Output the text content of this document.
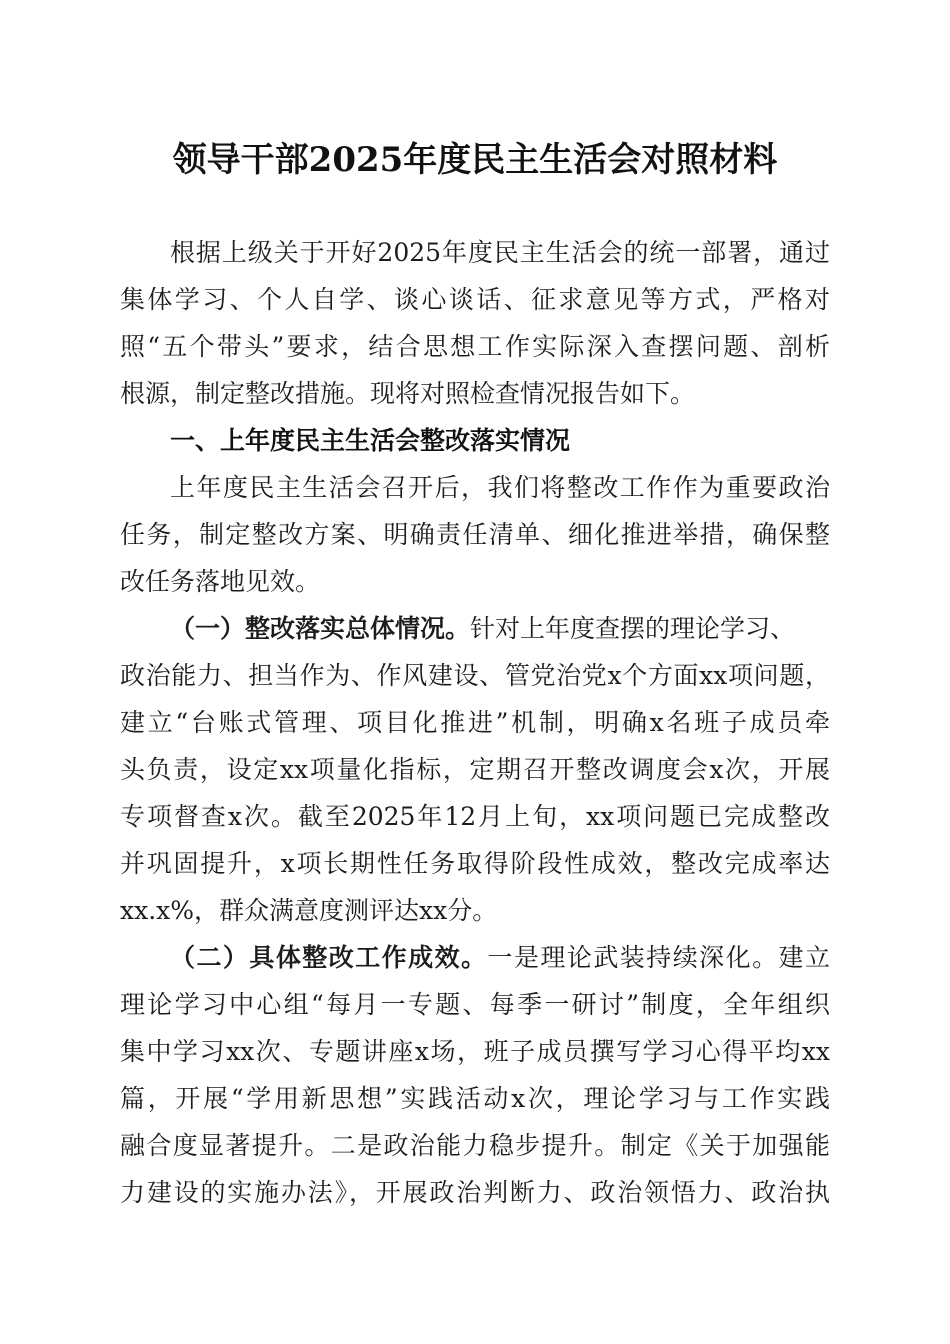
领导干部2025年度民主生活会对照材料
根据上级关于开好2025年度民主生活会的统一部署，通过
集体学习、个人自学、谈心谈话、征求意见等方式，严格对
照“五个带头”要求，结合思想工作实际深入查摆问题、剖析
根源，制定整改措施。现将对照检查情况报告如下。
一、上年度民主生活会整改落实情况
上年度民主生活会召开后，我们将整改工作作为重要政治
任务，制定整改方案、明确责任清单、细化推进举措，确保整
改任务落地见效。
（一）整改落实总体情况。针对上年度查摆的理论学习、
政治能力、担当作为、作风建设、管党治党x个方面xx项问题，
建立“台账式管理、项目化推进”机制，明确x名班子成员牵
头负责，设定xx项量化指标，定期召开整改调度会x次，开展
专项督查x次。截至2025年12月上旬，xx项问题已完成整改
并巩固提升，x项长期性任务取得阶段性成效，整改完成率达
xx.x%，群众满意度测评达xx分。
（二）具体整改工作成效。一是理论武装持续深化。建立
理论学习中心组“每月一专题、每季一研讨”制度，全年组织
集中学习xx次、专题讲座x场，班子成员撰写学习心得平均xx
篇，开展“学用新思想”实践活动x次，理论学习与工作实践
融合度显著提升。二是政治能力稳步提升。制定《关于加强能
力建设的实施办法》，开展政治判断力、政治领悟力、政治执
